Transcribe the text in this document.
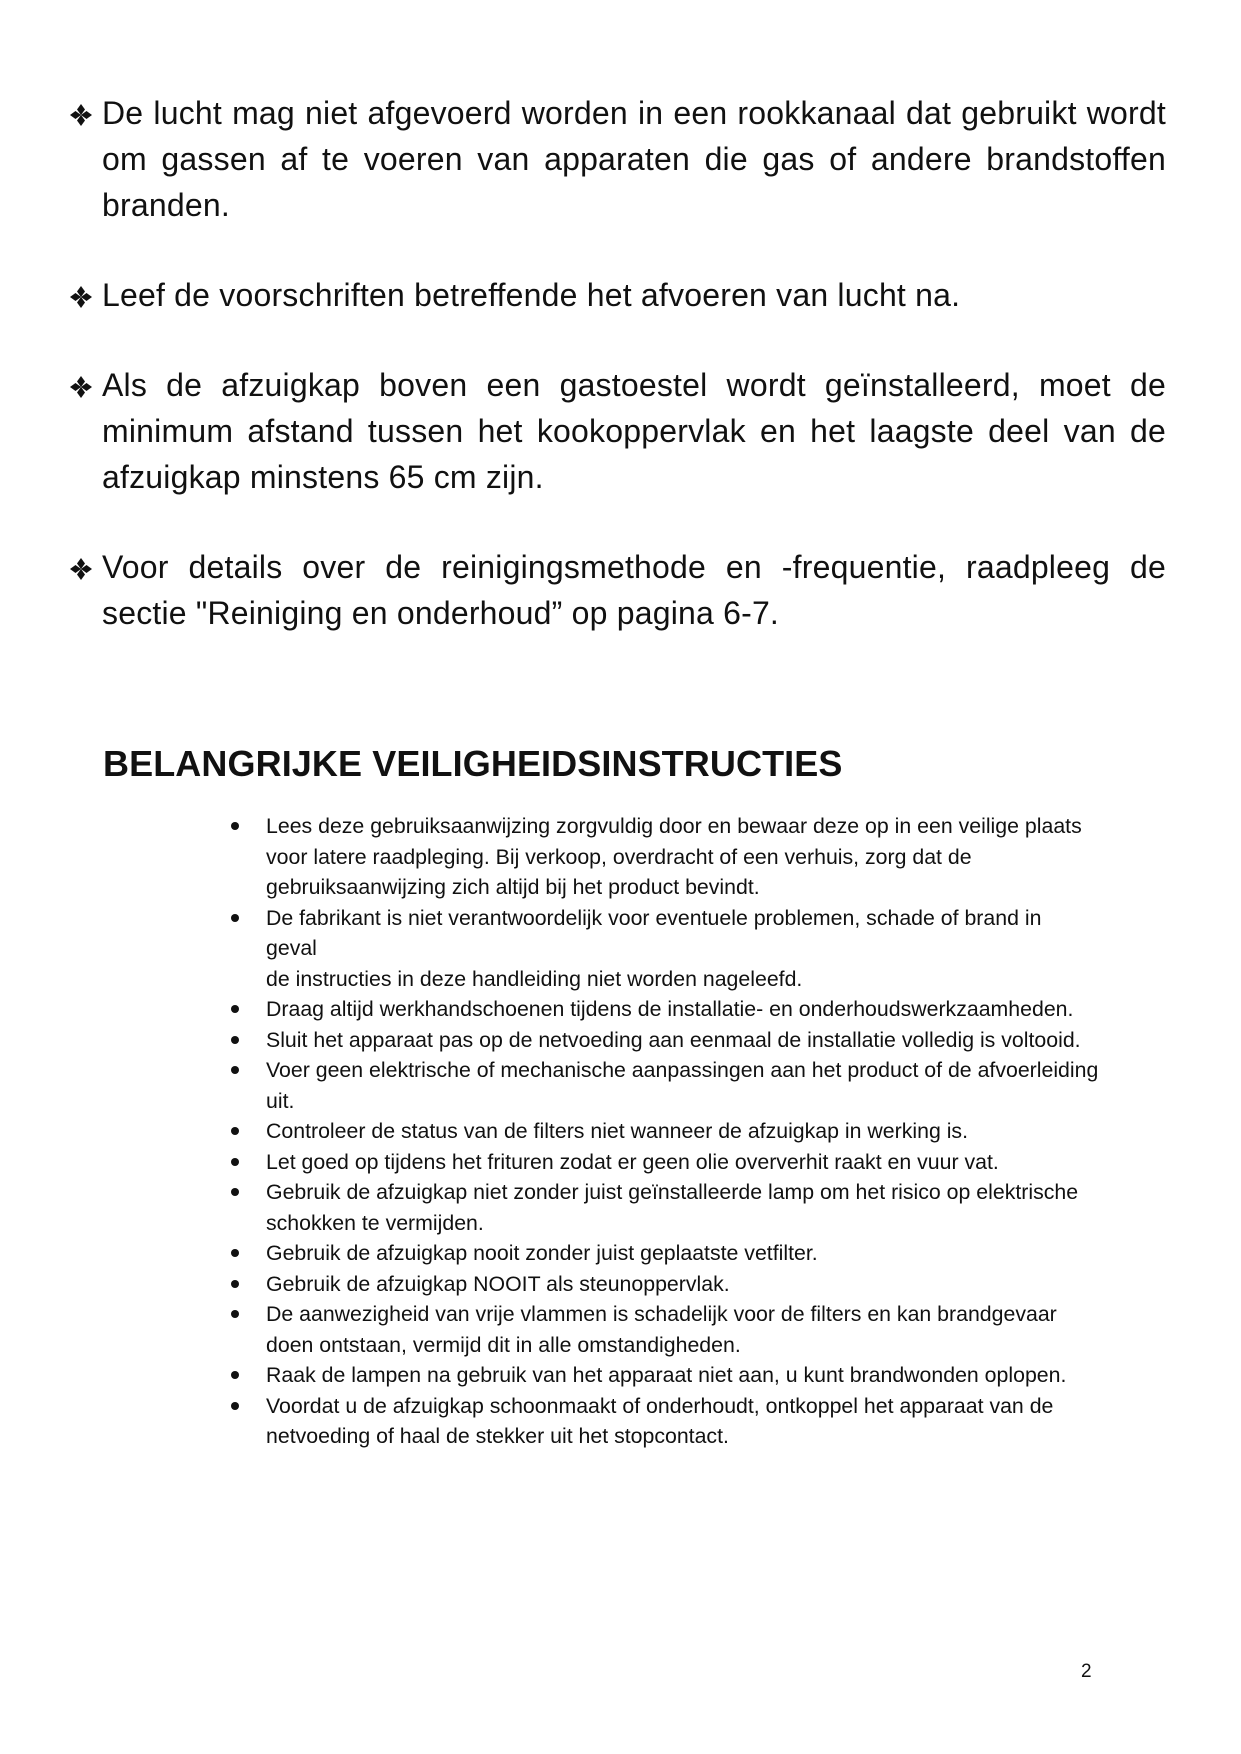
De lucht mag niet afgevoerd worden in een rookkanaal dat gebruikt wordt om gassen af te voeren van apparaten die gas of andere brandstoffen branden.
Leef de voorschriften betreffende het afvoeren van lucht na.
Als de afzuigkap boven een gastoestel wordt geïnstalleerd, moet de minimum afstand tussen het kookoppervlak en het laagste deel van de afzuigkap minstens 65 cm zijn.
Voor details over de reinigingsmethode en -frequentie, raadpleeg de sectie "Reiniging en onderhoud” op pagina 6-7.
BELANGRIJKE VEILIGHEIDSINSTRUCTIES
Lees deze gebruiksaanwijzing zorgvuldig door en bewaar deze op in een veilige plaats
voor latere raadpleging. Bij verkoop, overdracht of een verhuis, zorg dat de
gebruiksaanwijzing zich altijd bij het product bevindt.
De fabrikant is niet verantwoordelijk voor eventuele problemen, schade of brand in
geval
de instructies in deze handleiding niet worden nageleefd.
Draag altijd werkhandschoenen tijdens de installatie- en onderhoudswerkzaamheden.
Sluit het apparaat pas op de netvoeding aan eenmaal de installatie volledig is voltooid.
Voer geen elektrische of mechanische aanpassingen aan het product of de afvoerleiding
uit.
Controleer de status van de filters niet wanneer de afzuigkap in werking is.
Let goed op tijdens het frituren zodat er geen olie oververhit raakt en vuur vat.
Gebruik de afzuigkap niet zonder juist geïnstalleerde lamp om het risico op elektrische
schokken te vermijden.
Gebruik de afzuigkap nooit zonder juist geplaatste vetfilter.
Gebruik de afzuigkap NOOIT als steunoppervlak.
De aanwezigheid van vrije vlammen is schadelijk voor de filters en kan brandgevaar
doen ontstaan, vermijd dit in alle omstandigheden.
Raak de lampen na gebruik van het apparaat niet aan, u kunt brandwonden oplopen.
Voordat u de afzuigkap schoonmaakt of onderhoudt, ontkoppel het apparaat van de
netvoeding of haal de stekker uit het stopcontact.
2
